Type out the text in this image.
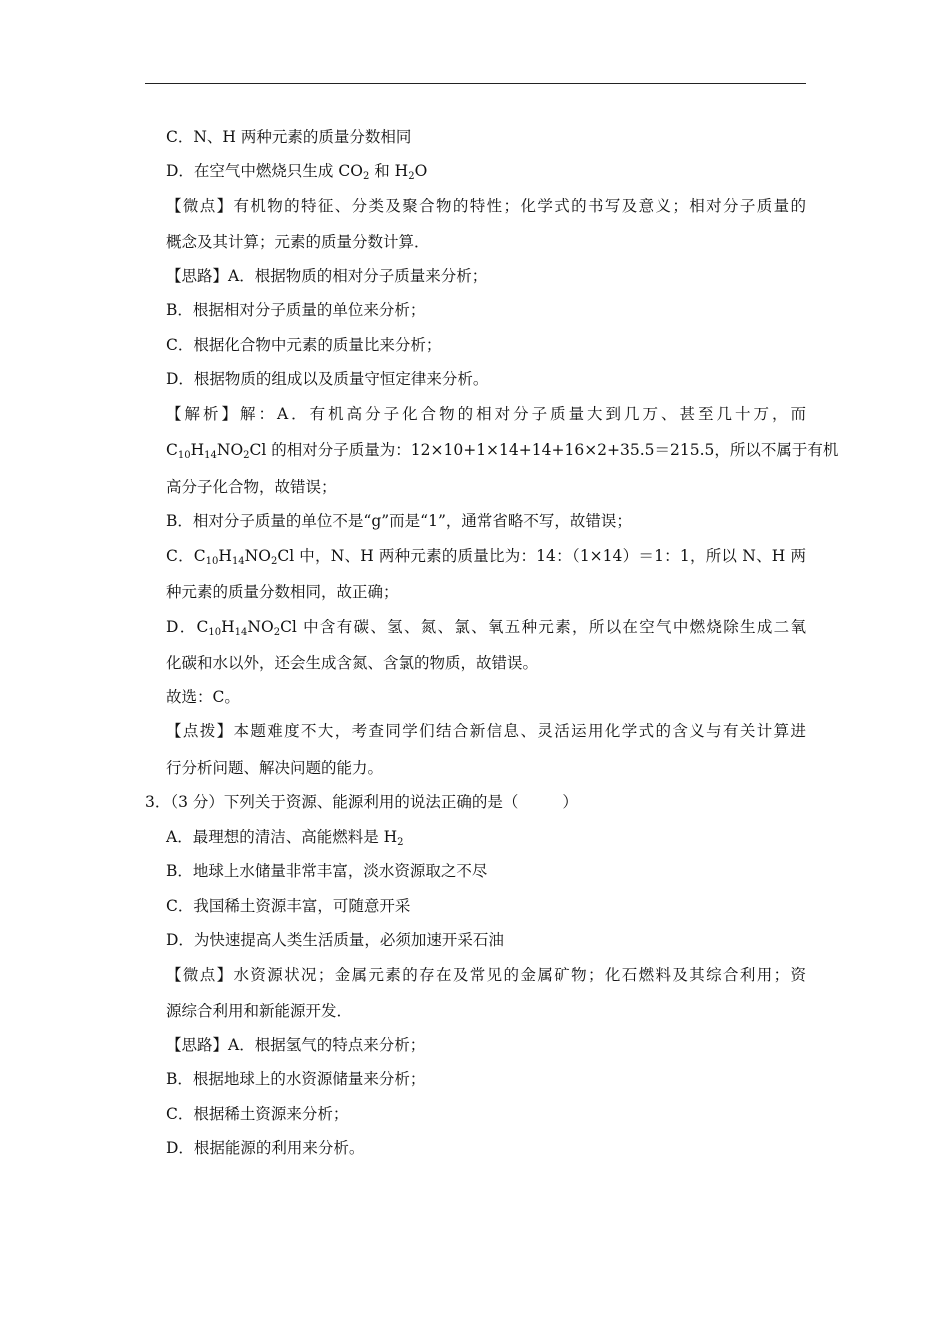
C．N、H 两种元素的质量分数相同
D．在空气中燃烧只生成 $CO_2$ 和 $H_2O$
【微点】有机物的特征、分类及聚合物的特性；化学式的书写及意义；相对分子质量的
概念及其计算；元素的质量分数计算．
【思路】A．根据物质的相对分子质量来分析；
B．根据相对分子质量的单位来分析；
C．根据化合物中元素的质量比来分析；
D．根据物质的组成以及质量守恒定律来分析。
【解析】解：A．有机高分子化合物的相对分子质量大到几万、甚至几十万，而
$C_{10}H_{14}NO_2Cl$ 的相对分子质量为：12×10+1×14+14+16×2+35.5＝215.5，所以不属于有机
高分子化合物，故错误；
B．相对分子质量的单位不是“g”而是“1”，通常省略不写，故错误；
C．$C_{10}H_{14}NO_2Cl$ 中，N、H 两种元素的质量比为：14：（1×14）＝1：1，所以 N、H 两
种元素的质量分数相同，故正确；
D．$C_{10}H_{14}NO_2Cl$ 中含有碳、氢、氮、氯、氧五种元素，所以在空气中燃烧除生成二氧
化碳和水以外，还会生成含氮、含氯的物质，故错误。
故选：C。
【点拨】本题难度不大，考查同学们结合新信息、灵活运用化学式的含义与有关计算进
行分析问题、解决问题的能力。
3．（3 分）下列关于资源、能源利用的说法正确的是（	）
A．最理想的清洁、高能燃料是 $H_2$
B．地球上水储量非常丰富，淡水资源取之不尽
C．我国稀土资源丰富，可随意开采
D．为快速提高人类生活质量，必须加速开采石油
【微点】水资源状况；金属元素的存在及常见的金属矿物；化石燃料及其综合利用；资
源综合利用和新能源开发．
【思路】A．根据氢气的特点来分析；
B．根据地球上的水资源储量来分析；
C．根据稀土资源来分析；
D．根据能源的利用来分析。
